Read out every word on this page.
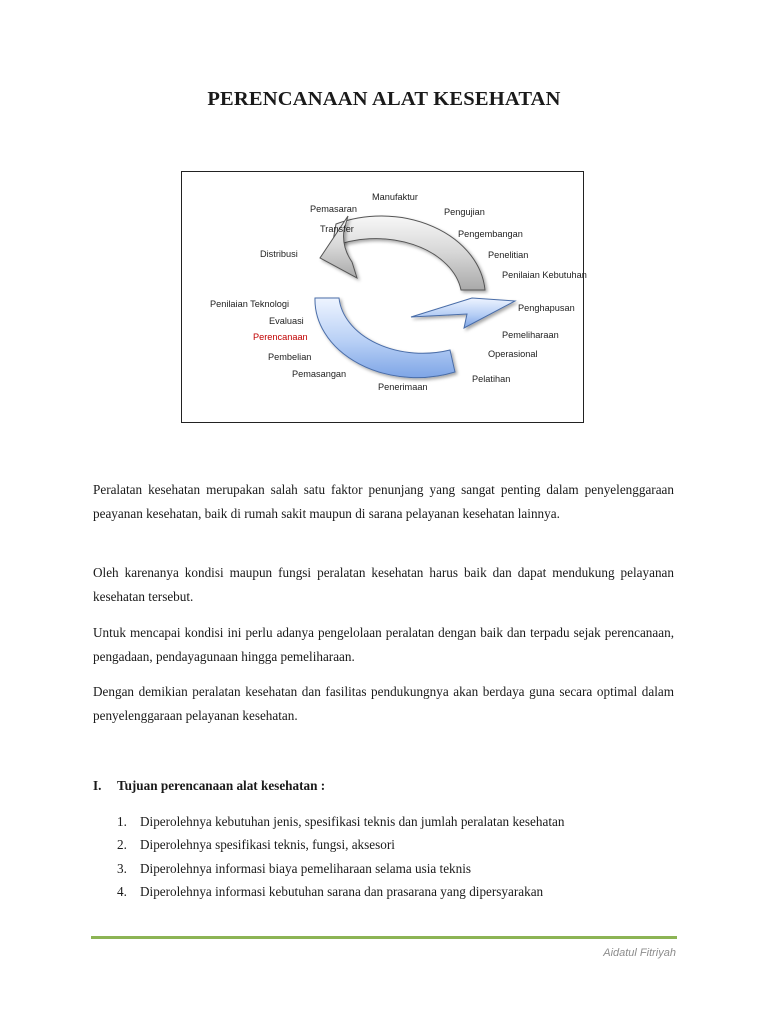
PERENCANAAN ALAT KESEHATAN
Manufaktur
Pemasaran	Pengujian
Transfer	Pengembangan
Distribusi	Penelitian
Penilaian Kebutuhan
Penilaian Teknologi	Penghapusan
Evaluasi
Perencanaan	Pemeliharaan
Pembelian	Operasional
Pemasangan	Pelatihan
Penerimaan

Peralatan kesehatan merupakan salah satu faktor penunjang yang sangat penting dalam penyelenggaraan peayanan kesehatan, baik di rumah sakit maupun di sarana pelayanan kesehatan lainnya.

Oleh karenanya kondisi maupun fungsi peralatan kesehatan harus baik dan dapat mendukung pelayanan kesehatan tersebut.

Untuk mencapai kondisi ini perlu adanya pengelolaan peralatan dengan baik dan terpadu sejak perencanaan, pengadaan, pendayagunaan hingga pemeliharaan.

Dengan demikian peralatan kesehatan dan fasilitas pendukungnya akan berdaya guna secara optimal dalam penyelenggaraan pelayanan kesehatan.

I. Tujuan perencanaan alat kesehatan :
1. Diperolehnya kebutuhan jenis, spesifikasi teknis dan jumlah peralatan kesehatan
2. Diperolehnya spesifikasi teknis, fungsi, aksesori
3. Diperolehnya informasi biaya pemeliharaan selama usia teknis
4. Diperolehnya informasi kebutuhan sarana dan prasarana yang dipersyarakan
Aidatul Fitriyah
